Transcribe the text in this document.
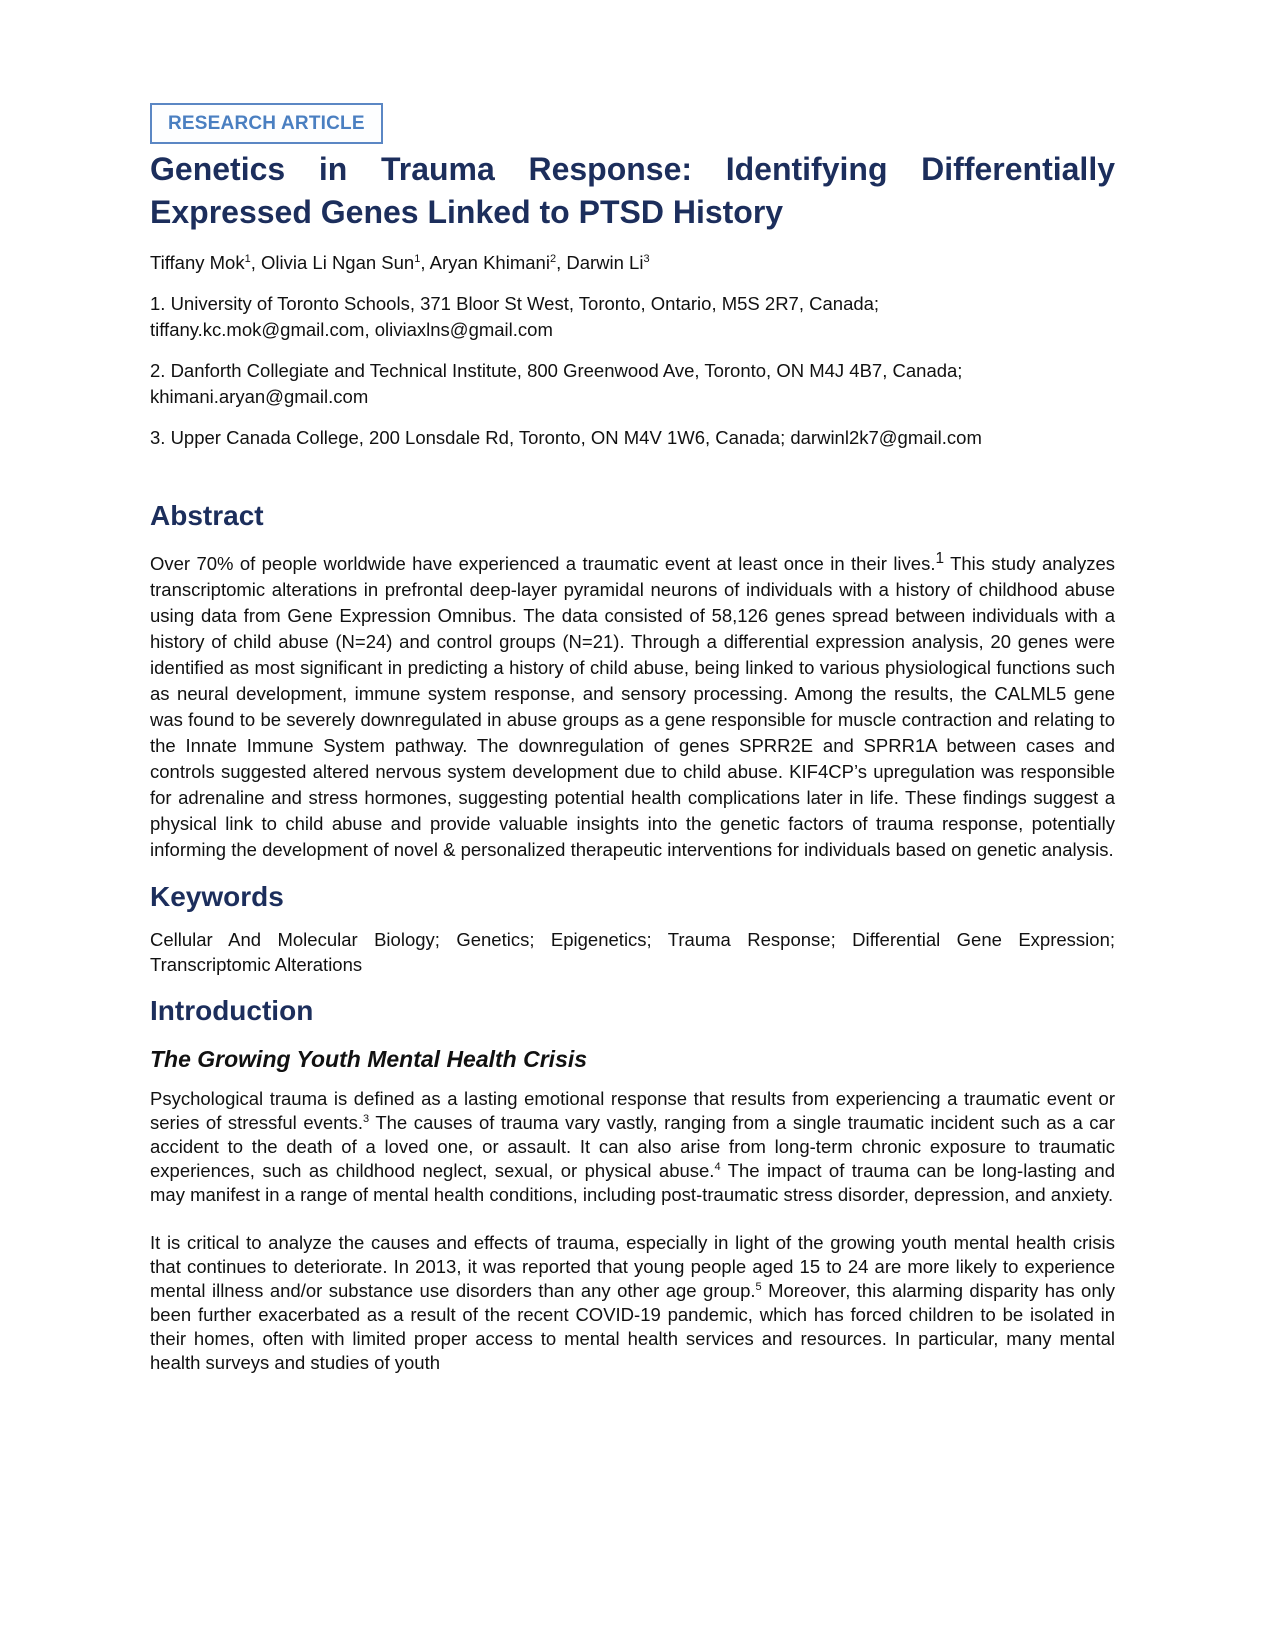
RESEARCH ARTICLE
Genetics in Trauma Response: Identifying Differentially Expressed Genes Linked to PTSD History
Tiffany Mok$^1$, Olivia Li Ngan Sun$^1$, Aryan Khimani$^2$, Darwin Li$^3$
1. University of Toronto Schools, 371 Bloor St West, Toronto, Ontario, M5S 2R7, Canada;
tiffany.kc.mok@gmail.com, oliviaxlns@gmail.com
2. Danforth Collegiate and Technical Institute, 800 Greenwood Ave, Toronto, ON M4J 4B7, Canada;
khimani.aryan@gmail.com
3. Upper Canada College, 200 Lonsdale Rd, Toronto, ON M4V 1W6, Canada; darwinl2k7@gmail.com
Abstract
Over 70% of people worldwide have experienced a traumatic event at least once in their lives.$^1$ This study analyzes transcriptomic alterations in prefrontal deep-layer pyramidal neurons of individuals with a history of childhood abuse using data from Gene Expression Omnibus. The data consisted of 58,126 genes spread between individuals with a history of child abuse (N=24) and control groups (N=21). Through a differential expression analysis, 20 genes were identified as most significant in predicting a history of child abuse, being linked to various physiological functions such as neural development, immune system response, and sensory processing. Among the results, the CALML5 gene was found to be severely downregulated in abuse groups as a gene responsible for muscle contraction and relating to the Innate Immune System pathway. The downregulation of genes SPRR2E and SPRR1A between cases and controls suggested altered nervous system development due to child abuse. KIF4CP’s upregulation was responsible for adrenaline and stress hormones, suggesting potential health complications later in life. These findings suggest a physical link to child abuse and provide valuable insights into the genetic factors of trauma response, potentially informing the development of novel & personalized therapeutic interventions for individuals based on genetic analysis.
Keywords
Cellular And Molecular Biology; Genetics; Epigenetics; Trauma Response; Differential Gene Expression; Transcriptomic Alterations
Introduction
The Growing Youth Mental Health Crisis
Psychological trauma is defined as a lasting emotional response that results from experiencing a traumatic event or series of stressful events.$^3$ The causes of trauma vary vastly, ranging from a single traumatic incident such as a car accident to the death of a loved one, or assault. It can also arise from long-term chronic exposure to traumatic experiences, such as childhood neglect, sexual, or physical abuse.$^4$ The impact of trauma can be long-lasting and may manifest in a range of mental health conditions, including post-traumatic stress disorder, depression, and anxiety.
It is critical to analyze the causes and effects of trauma, especially in light of the growing youth mental health crisis that continues to deteriorate. In 2013, it was reported that young people aged 15 to 24 are more likely to experience mental illness and/or substance use disorders than any other age group.$^5$ Moreover, this alarming disparity has only been further exacerbated as a result of the recent COVID-19 pandemic, which has forced children to be isolated in their homes, often with limited proper access to mental health services and resources. In particular, many mental health surveys and studies of youth
